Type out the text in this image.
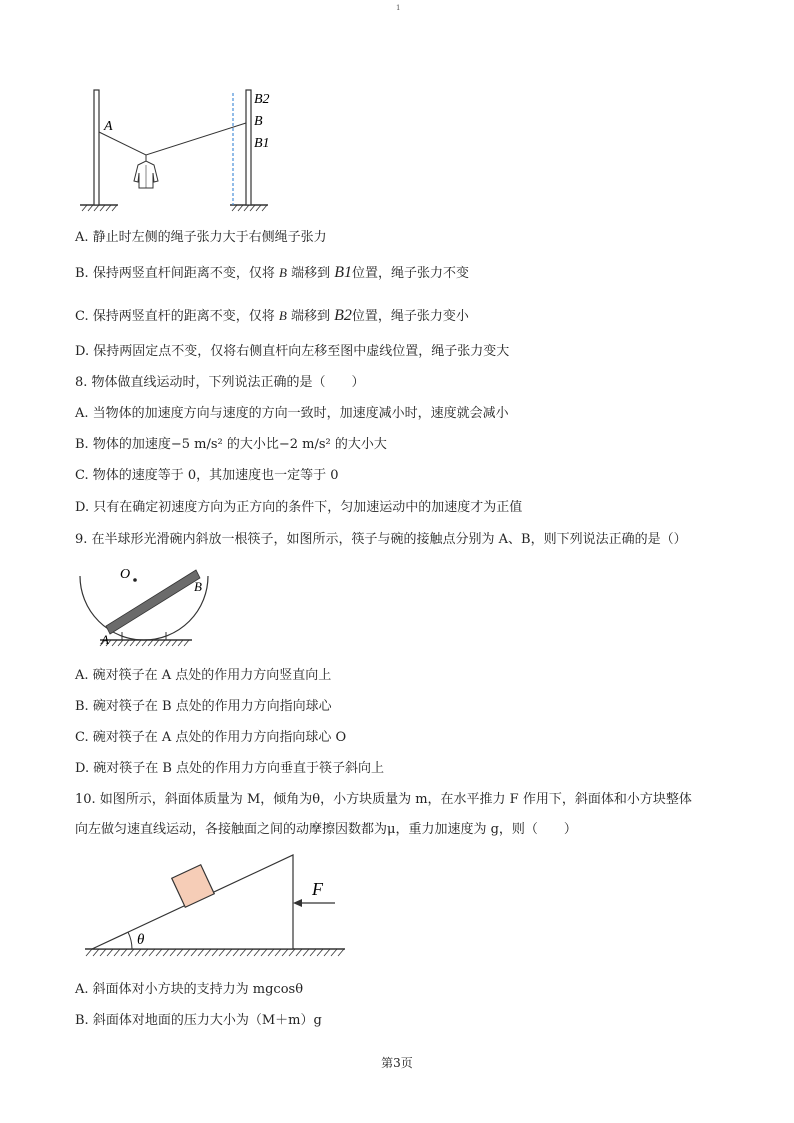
1
A
B2
B
B1
A. 静止时左侧的绳子张力大于右侧绳子张力
B. 保持两竖直杆间距离不变，仅将 B 端移到 B1位置，绳子张力不变
C. 保持两竖直杆的距离不变，仅将 B 端移到 B2位置，绳子张力变小
D. 保持两固定点不变，仅将右侧直杆向左移至图中虚线位置，绳子张力变大
8. 物体做直线运动时，下列说法正确的是（　　）
A. 当物体的加速度方向与速度的方向一致时，加速度减小时，速度就会减小
B. 物体的加速度−5 m/s² 的大小比−2 m/s² 的大小大
C. 物体的速度等于 0，其加速度也一定等于 0
D. 只有在确定初速度方向为正方向的条件下，匀加速运动中的加速度才为正值
9. 在半球形光滑碗内斜放一根筷子，如图所示，筷子与碗的接触点分别为 A、B，则下列说法正确的是（）
O
B
A
A. 碗对筷子在 A 点处的作用力方向竖直向上
B. 碗对筷子在 B 点处的作用力方向指向球心
C. 碗对筷子在 A 点处的作用力方向指向球心 O
D. 碗对筷子在 B 点处的作用力方向垂直于筷子斜向上
10. 如图所示，斜面体质量为 M，倾角为θ，小方块质量为 m，在水平推力 F 作用下，斜面体和小方块整体
向左做匀速直线运动，各接触面之间的动摩擦因数都为μ，重力加速度为 g，则（　　）
θ
F
A. 斜面体对小方块的支持力为 mgcosθ
B. 斜面体对地面的压力大小为（M＋m）g
第3页
